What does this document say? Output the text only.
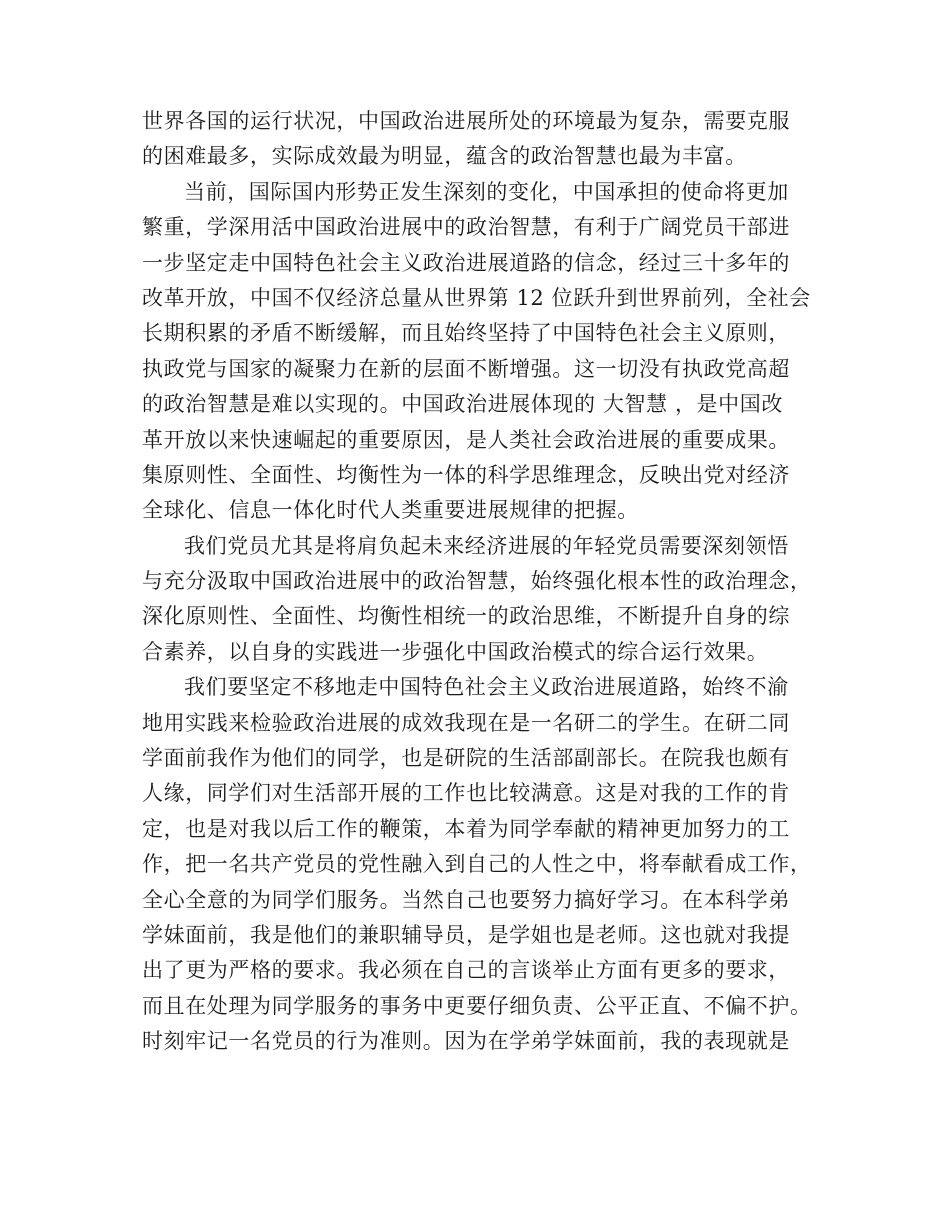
世界各国的运行状况，中国政治进展所处的环境最为复杂，需要克服
的困难最多，实际成效最为明显，蕴含的政治智慧也最为丰富。
当前，国际国内形势正发生深刻的变化，中国承担的使命将更加
繁重，学深用活中国政治进展中的政治智慧，有利于广阔党员干部进
一步坚定走中国特色社会主义政治进展道路的信念，经过三十多年的
改革开放，中国不仅经济总量从世界第 12 位跃升到世界前列，全社会
长期积累的矛盾不断缓解，而且始终坚持了中国特色社会主义原则，
执政党与国家的凝聚力在新的层面不断增强。这一切没有执政党高超
的政治智慧是难以实现的。中国政治进展体现的 大智慧 ，是中国改
革开放以来快速崛起的重要原因，是人类社会政治进展的重要成果。
集原则性、全面性、均衡性为一体的科学思维理念，反映出党对经济
全球化、信息一体化时代人类重要进展规律的把握。
我们党员尤其是将肩负起未来经济进展的年轻党员需要深刻领悟
与充分汲取中国政治进展中的政治智慧，始终强化根本性的政治理念，
深化原则性、全面性、均衡性相统一的政治思维，不断提升自身的综
合素养，以自身的实践进一步强化中国政治模式的综合运行效果。
我们要坚定不移地走中国特色社会主义政治进展道路，始终不渝
地用实践来检验政治进展的成效我现在是一名研二的学生。在研二同
学面前我作为他们的同学，也是研院的生活部副部长。在院我也颇有
人缘，同学们对生活部开展的工作也比较满意。这是对我的工作的肯
定，也是对我以后工作的鞭策，本着为同学奉献的精神更加努力的工
作，把一名共产党员的党性融入到自己的人性之中，将奉献看成工作，
全心全意的为同学们服务。当然自己也要努力搞好学习。在本科学弟
学妹面前，我是他们的兼职辅导员，是学姐也是老师。这也就对我提
出了更为严格的要求。我必须在自己的言谈举止方面有更多的要求，
而且在处理为同学服务的事务中更要仔细负责、公平正直、不偏不护。
时刻牢记一名党员的行为准则。因为在学弟学妹面前，我的表现就是
